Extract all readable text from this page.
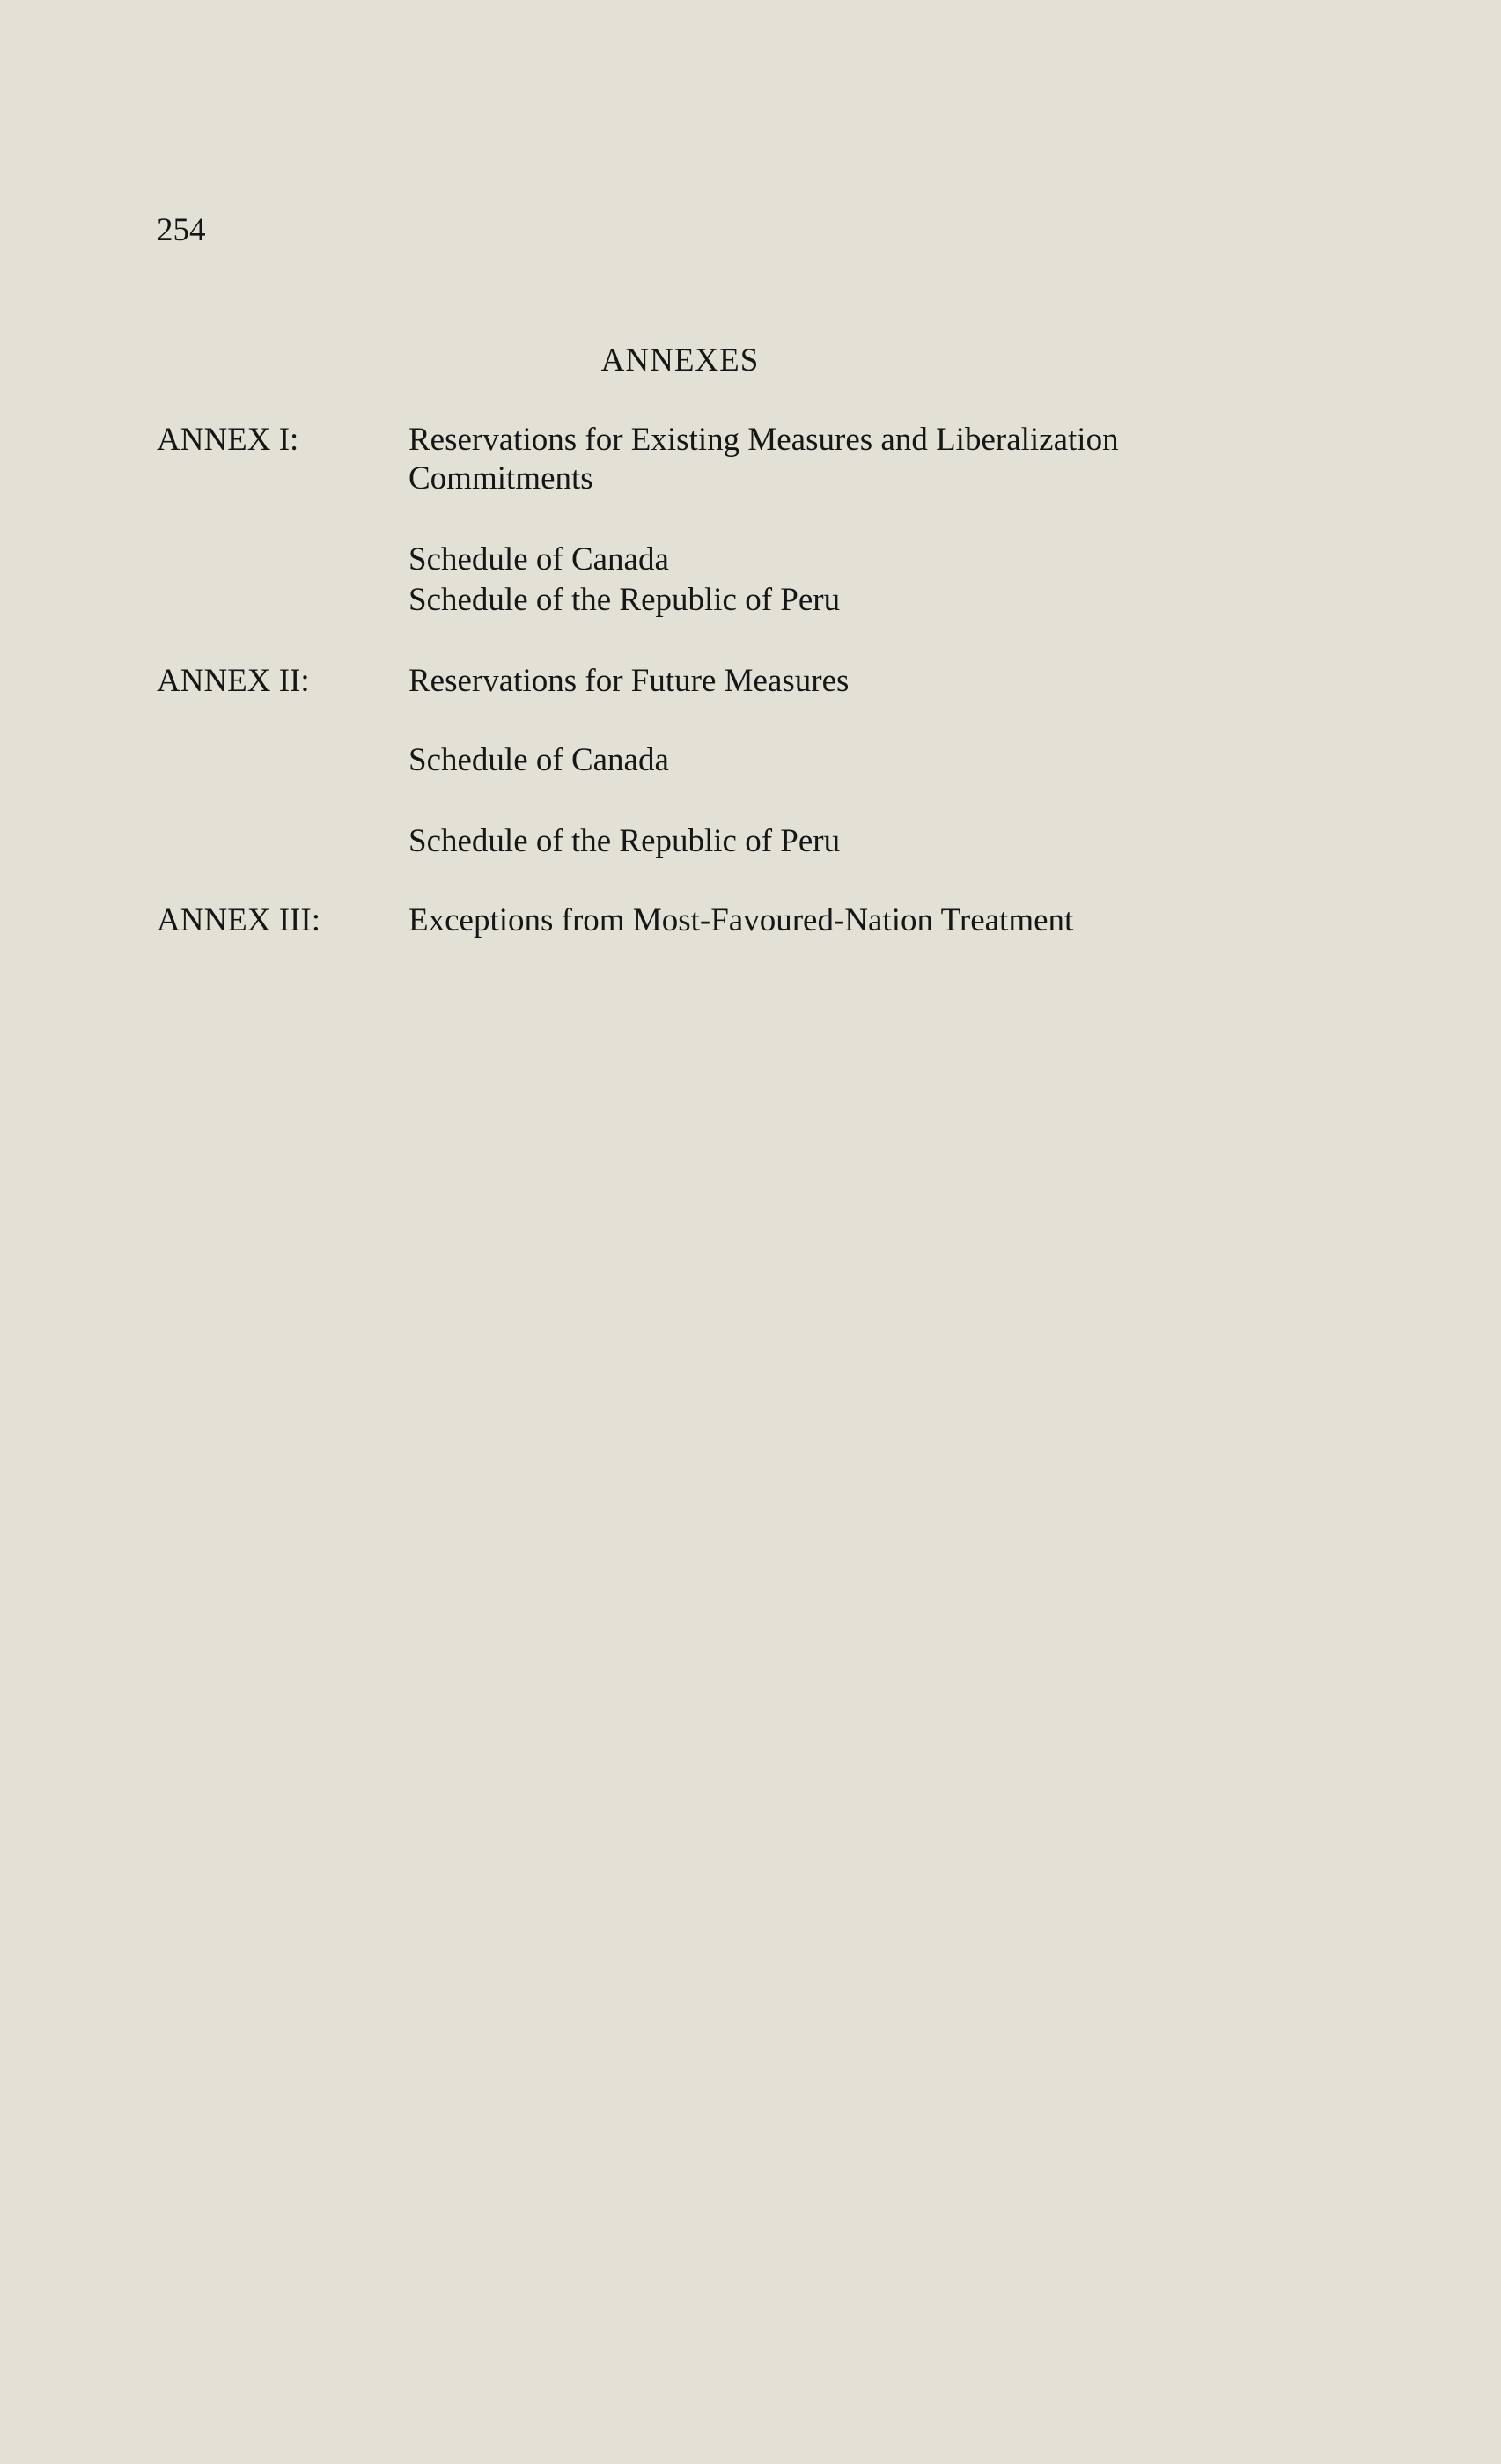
254
ANNEXES
ANNEX I:	Reservations for Existing Measures and Liberalization
Commitments
Schedule of Canada
Schedule of the Republic of Peru
ANNEX II:	Reservations for Future Measures
Schedule of Canada
Schedule of the Republic of Peru
ANNEX III:	Exceptions from Most-Favoured-Nation Treatment
